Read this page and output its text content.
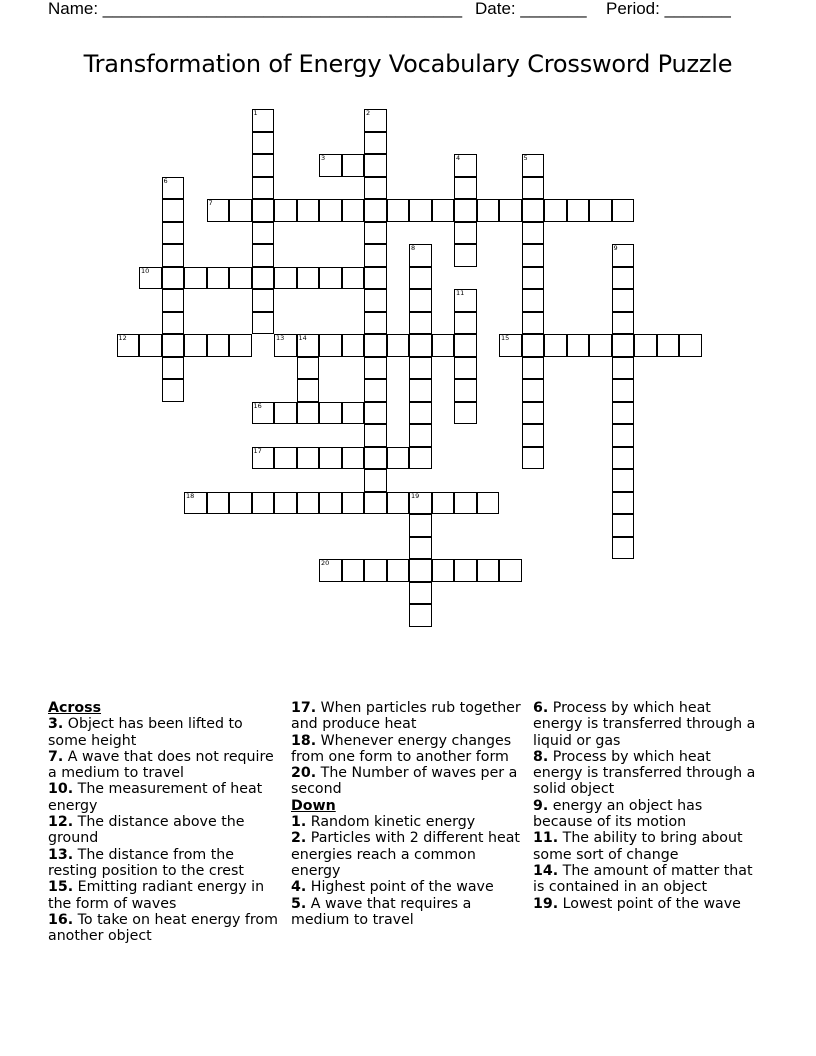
Name: ______________________________________ Date: _______ Period: _______
Transformation of Energy Vocabulary Crossword Puzzle
3
7
10
12	13 14	15
16
17
18	19
20
1	2
4	5
6
8	9
11
Across
3. Object has been lifted to some height
7. A wave that does not require a medium to travel
10. The measurement of heat energy
12. The distance above the ground
13. The distance from the resting position to the crest
15. Emitting radiant energy in the form of waves
16. To take on heat energy from another object
17. When particles rub together and produce heat
18. Whenever energy changes from one form to another form
20. The Number of waves per a second
Down
1. Random kinetic energy
2. Particles with 2 different heat energies reach a common energy
4. Highest point of the wave
5. A wave that requires a medium to travel
6. Process by which heat energy is transferred through a liquid or gas
8. Process by which heat energy is transferred through a solid object
9. energy an object has because of its motion
11. The ability to bring about some sort of change
14. The amount of matter that is contained in an object
19. Lowest point of the wave
